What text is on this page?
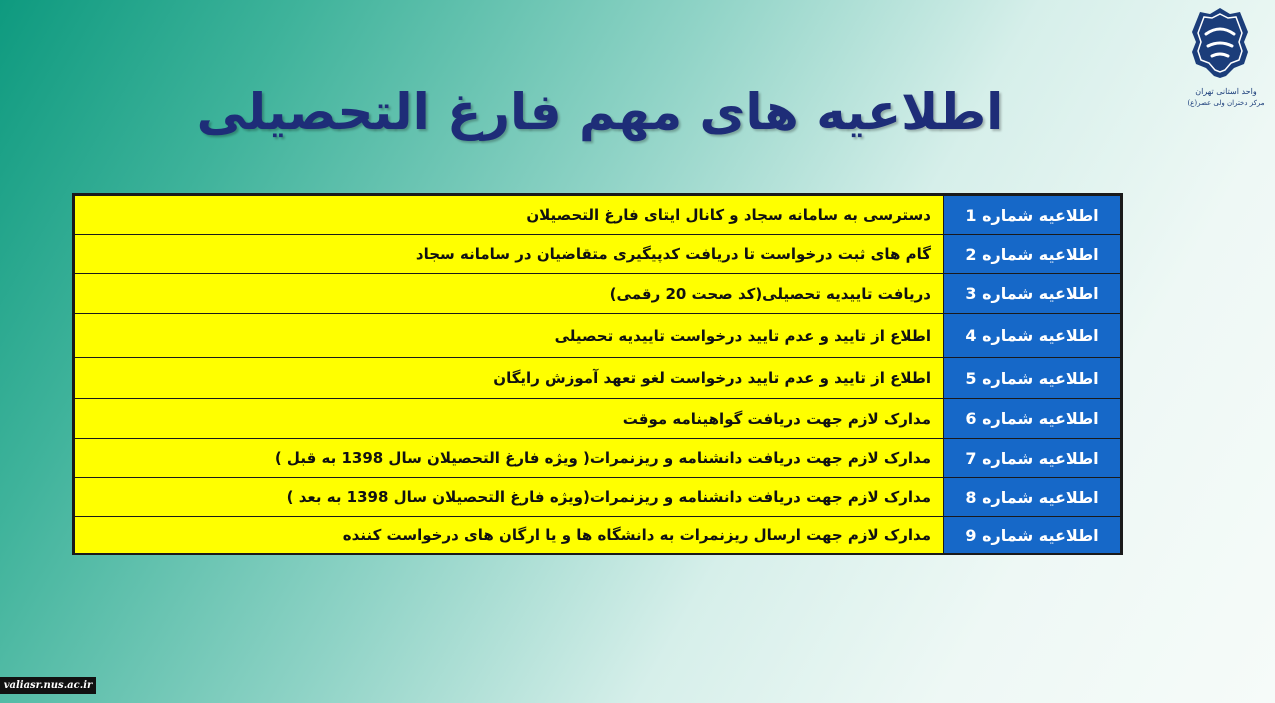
واحد استانی تهران
مرکز دختران ولی عصر(ع)
اطلاعیه های مهم فارغ التحصیلی
اطلاعیه شماره 1	دسترسی به سامانه سجاد و کانال ایتای فارغ التحصیلان
اطلاعیه شماره 2	گام های ثبت درخواست تا دریافت کدپیگیری متقاضیان در سامانه سجاد
اطلاعیه شماره 3	دریافت تاییدیه تحصیلی(کد صحت 20 رقمی)
اطلاعیه شماره 4	اطلاع از تایید و عدم تایید درخواست تاییدیه تحصیلی
اطلاعیه شماره 5	اطلاع از تایید و عدم تایید درخواست لغو تعهد آموزش رایگان
اطلاعیه شماره 6	مدارک لازم جهت دریافت گواهینامه موقت
اطلاعیه شماره 7	مدارک لازم جهت دریافت دانشنامه و ریزنمرات( ویژه فارغ التحصیلان سال 1398 به قبل )
اطلاعیه شماره 8	مدارک لازم جهت دریافت دانشنامه و ریزنمرات(ویژه فارغ التحصیلان سال 1398 به بعد )
اطلاعیه شماره 9	مدارک لازم جهت ارسال ریزنمرات به دانشگاه ها و یا ارگان های درخواست کننده
valiasr.nus.ac.ir
